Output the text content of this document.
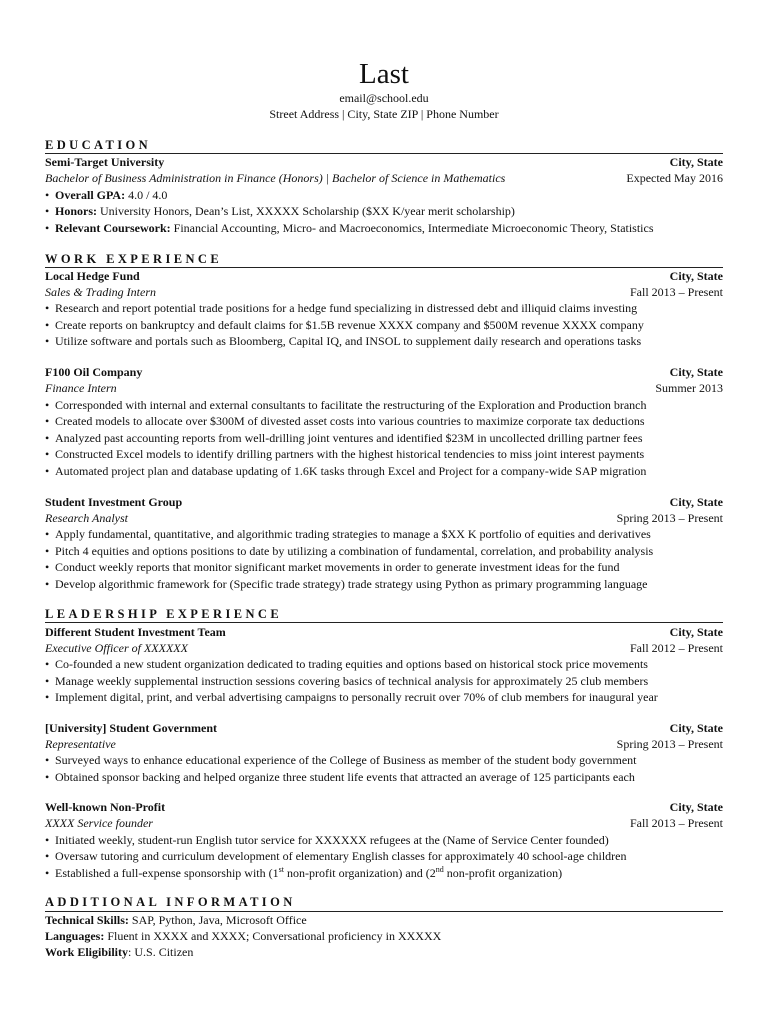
Last
email@school.edu
Street Address | City, State ZIP | Phone Number
EDUCATION
Semi-Target University	City, State
Bachelor of Business Administration in Finance (Honors) | Bachelor of Science in Mathematics	Expected May 2016
• Overall GPA: 4.0 / 4.0
• Honors: University Honors, Dean’s List, XXXXX Scholarship ($XX K/year merit scholarship)
• Relevant Coursework: Financial Accounting, Micro- and Macroeconomics, Intermediate Microeconomic Theory, Statistics
WORK EXPERIENCE
Local Hedge Fund	City, State
Sales & Trading Intern	Fall 2013 – Present
• Research and report potential trade positions for a hedge fund specializing in distressed debt and illiquid claims investing
• Create reports on bankruptcy and default claims for $1.5B revenue XXXX company and $500M revenue XXXX company
• Utilize software and portals such as Bloomberg, Capital IQ, and INSOL to supplement daily research and operations tasks
F100 Oil Company	City, State
Finance Intern	Summer 2013
• Corresponded with internal and external consultants to facilitate the restructuring of the Exploration and Production branch
• Created models to allocate over $300M of divested asset costs into various countries to maximize corporate tax deductions
• Analyzed past accounting reports from well-drilling joint ventures and identified $23M in uncollected drilling partner fees
• Constructed Excel models to identify drilling partners with the highest historical tendencies to miss joint interest payments
• Automated project plan and database updating of 1.6K tasks through Excel and Project for a company-wide SAP migration
Student Investment Group	City, State
Research Analyst	Spring 2013 – Present
• Apply fundamental, quantitative, and algorithmic trading strategies to manage a $XX K portfolio of equities and derivatives
• Pitch 4 equities and options positions to date by utilizing a combination of fundamental, correlation, and probability analysis
• Conduct weekly reports that monitor significant market movements in order to generate investment ideas for the fund
• Develop algorithmic framework for (Specific trade strategy) trade strategy using Python as primary programming language
LEADERSHIP EXPERIENCE
Different Student Investment Team	City, State
Executive Officer of XXXXXX	Fall 2012 – Present
• Co-founded a new student organization dedicated to trading equities and options based on historical stock price movements
• Manage weekly supplemental instruction sessions covering basics of technical analysis for approximately 25 club members
• Implement digital, print, and verbal advertising campaigns to personally recruit over 70% of club members for inaugural year
[University] Student Government	City, State
Representative	Spring 2013 – Present
• Surveyed ways to enhance educational experience of the College of Business as member of the student body government
• Obtained sponsor backing and helped organize three student life events that attracted an average of 125 participants each
Well-known Non-Profit	City, State
XXXX Service founder	Fall 2013 – Present
• Initiated weekly, student-run English tutor service for XXXXXX refugees at the (Name of Service Center founded)
• Oversaw tutoring and curriculum development of elementary English classes for approximately 40 school-age children
• Established a full-expense sponsorship with (1st non-profit organization) and (2nd non-profit organization)
ADDITIONAL INFORMATION
Technical Skills: SAP, Python, Java, Microsoft Office
Languages: Fluent in XXXX and XXXX; Conversational proficiency in XXXXX
Work Eligibility: U.S. Citizen
